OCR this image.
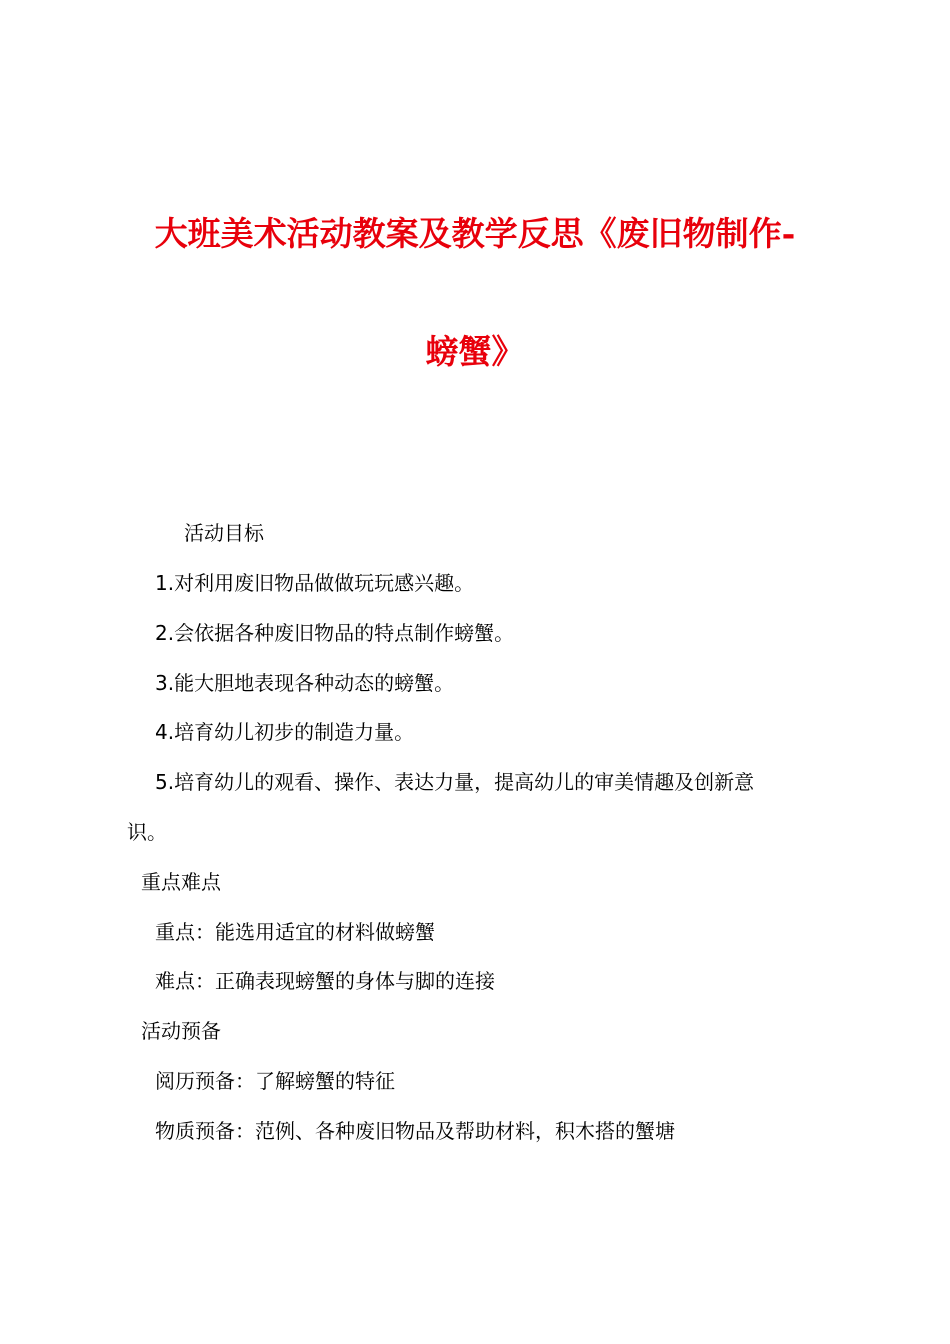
大班美术活动教案及教学反思《废旧物制作-
螃蟹》
活动目标
1.对利用废旧物品做做玩玩感兴趣。
2.会依据各种废旧物品的特点制作螃蟹。
3.能大胆地表现各种动态的螃蟹。
4.培育幼儿初步的制造力量。
5.培育幼儿的观看、操作、表达力量，提高幼儿的审美情趣及创新意
识。
重点难点
重点：能选用适宜的材料做螃蟹
难点：正确表现螃蟹的身体与脚的连接
活动预备
阅历预备：了解螃蟹的特征
物质预备：范例、各种废旧物品及帮助材料，积木搭的蟹塘
